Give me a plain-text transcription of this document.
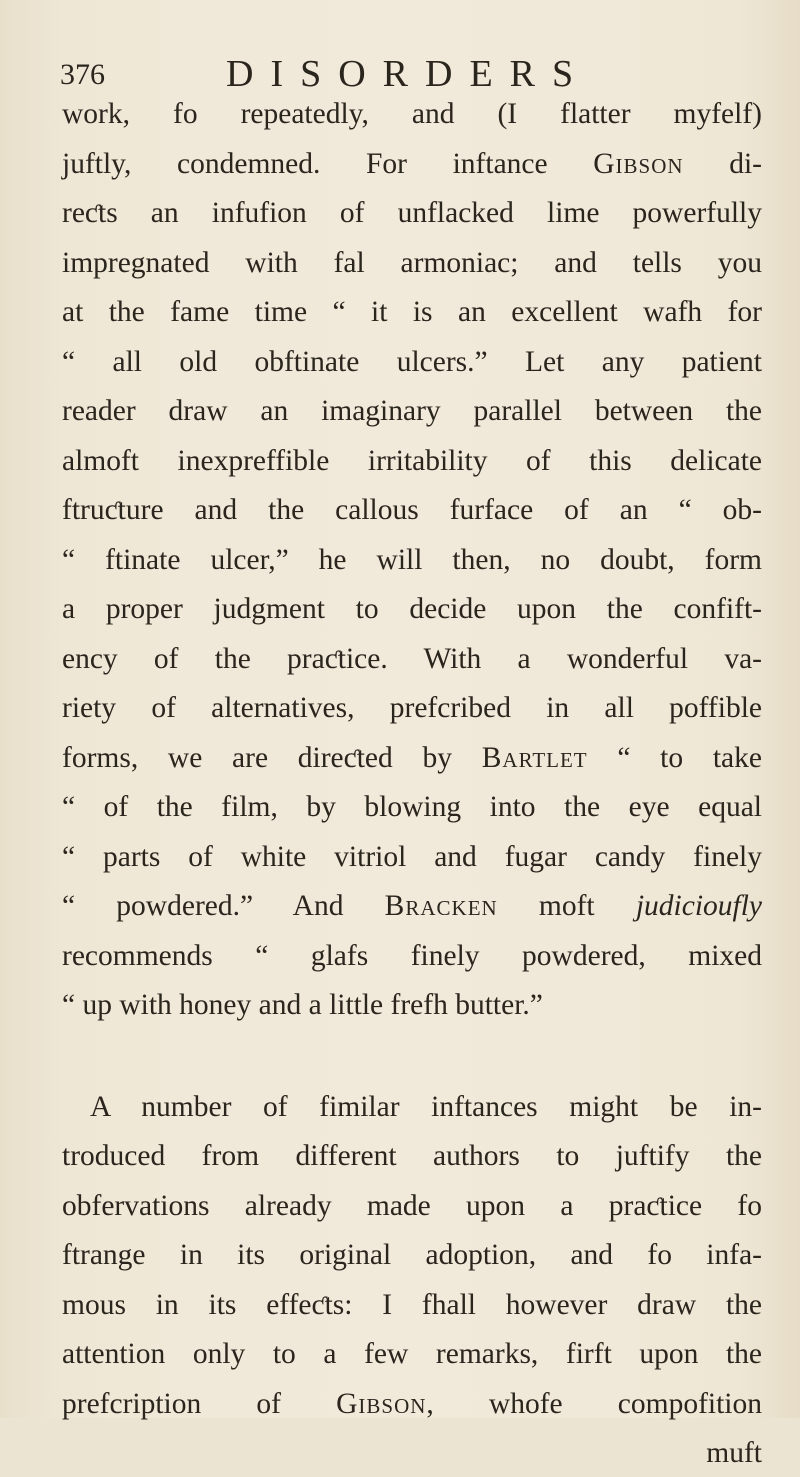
376	DISORDERS
work, fo repeatedly, and (I flatter myfelf)
juftly, condemned. For inftance Gibson di-
reƈts an infufion of unflacked lime powerfully
impregnated with fal armoniac; and tells you
at the fame time “ it is an excellent wafh for
“ all old obftinate ulcers.” Let any patient
reader draw an imaginary parallel between the
almoft inexpreffible irritability of this delicate
ftruƈture and the callous furface of an “ ob-
“ ftinate ulcer,” he will then, no doubt, form
a proper judgment to decide upon the confift-
ency of the praƈtice. With a wonderful va-
riety of alternatives, prefcribed in all poffible
forms, we are direƈted by Bartlet “ to take
“ of the film, by blowing into the eye equal
“ parts of white vitriol and fugar candy finely
“ powdered.” And Bracken moft judicioufly
recommends “ glafs finely powdered, mixed
“ up with honey and a little frefh butter.”
A number of fimilar inftances might be in-
troduced from different authors to juftify the
obfervations already made upon a praƈtice fo
ftrange in its original adoption, and fo infa-
mous in its effeƈts: I fhall however draw the
attention only to a few remarks, firft upon the
prefcription of Gibson, whofe compofition
muft
